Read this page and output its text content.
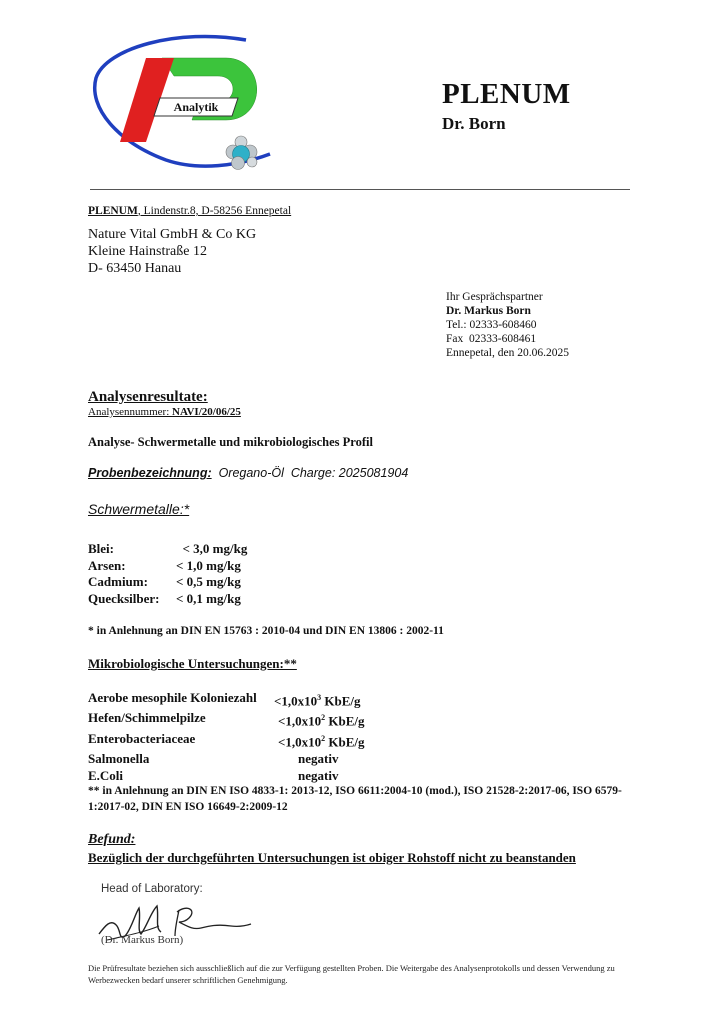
Analytik	PLENUM
Dr. Born
PLENUM, Lindenstr.8, D-58256 Ennepetal
Nature Vital GmbH & Co KG
Kleine Hainstraße 12
D- 63450 Hanau
Ihr Gesprächspartner
Dr. Markus Born
Tel.: 02333-608460
Fax  02333-608461
Ennepetal, den 20.06.2025
Analysenresultate:
Analysennummer: NAVI/20/06/25
Analyse- Schwermetalle und mikrobiologisches Profil
Probenbezeichnung:  Oregano-Öl  Charge: 2025081904
Schwermetalle:*
Blei:	< 3,0 mg/kg
Arsen:	< 1,0 mg/kg
Cadmium:	< 0,5 mg/kg
Quecksilber:	< 0,1 mg/kg
* in Anlehnung an DIN EN 15763 : 2010-04 und DIN EN 13806 : 2002-11
Mikrobiologische Untersuchungen:**
Aerobe mesophile Koloniezahl	$<1,0x10^3$ KbE/g
Hefen/Schimmelpilze	$<1,0x10^2$ KbE/g
Enterobacteriaceae	$<1,0x10^2$ KbE/g
Salmonella	negativ
E.Coli	negativ
** in Anlehnung an DIN EN ISO 4833-1: 2013-12, ISO 6611:2004-10 (mod.), ISO 21528-2:2017-06, ISO 6579-1:2017-02, DIN EN ISO 16649-2:2009-12
Befund:
Bezüglich der durchgeführten Untersuchungen ist obiger Rohstoff nicht zu beanstanden
Head of Laboratory:
(Dr. Markus Born)
Die Prüfresultate beziehen sich ausschließlich auf die zur Verfügung gestellten Proben. Die Weitergabe des Analysenprotokolls und dessen Verwendung zu Werbezwecken bedarf unserer schriftlichen Genehmigung.
